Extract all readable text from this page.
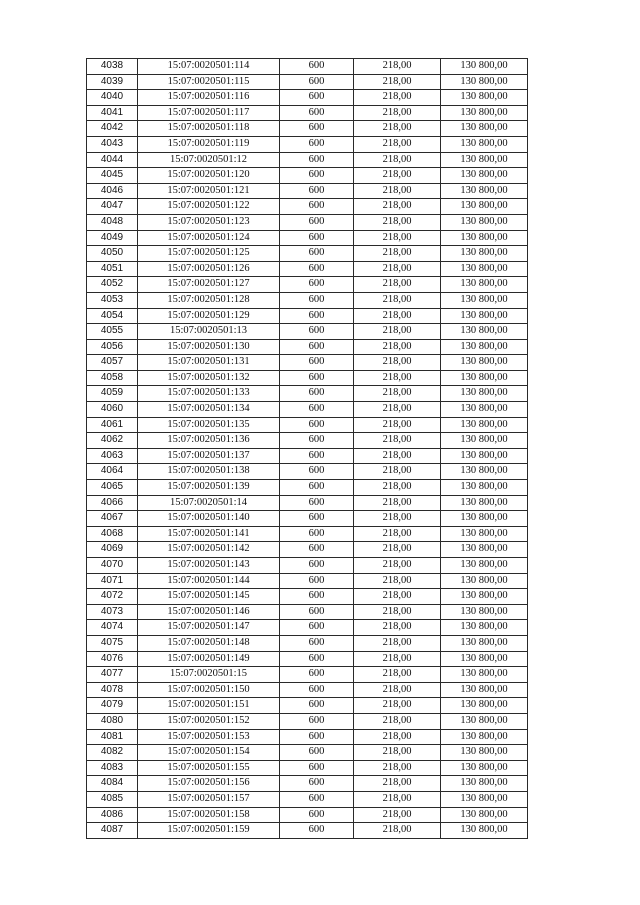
4038	15:07:0020501:114	600	218,00	130 800,00
4039	15:07:0020501:115	600	218,00	130 800,00
4040	15:07:0020501:116	600	218,00	130 800,00
4041	15:07:0020501:117	600	218,00	130 800,00
4042	15:07:0020501:118	600	218,00	130 800,00
4043	15:07:0020501:119	600	218,00	130 800,00
4044	15:07:0020501:12	600	218,00	130 800,00
4045	15:07:0020501:120	600	218,00	130 800,00
4046	15:07:0020501:121	600	218,00	130 800,00
4047	15:07:0020501:122	600	218,00	130 800,00
4048	15:07:0020501:123	600	218,00	130 800,00
4049	15:07:0020501:124	600	218,00	130 800,00
4050	15:07:0020501:125	600	218,00	130 800,00
4051	15:07:0020501:126	600	218,00	130 800,00
4052	15:07:0020501:127	600	218,00	130 800,00
4053	15:07:0020501:128	600	218,00	130 800,00
4054	15:07:0020501:129	600	218,00	130 800,00
4055	15:07:0020501:13	600	218,00	130 800,00
4056	15:07:0020501:130	600	218,00	130 800,00
4057	15:07:0020501:131	600	218,00	130 800,00
4058	15:07:0020501:132	600	218,00	130 800,00
4059	15:07:0020501:133	600	218,00	130 800,00
4060	15:07:0020501:134	600	218,00	130 800,00
4061	15:07:0020501:135	600	218,00	130 800,00
4062	15:07:0020501:136	600	218,00	130 800,00
4063	15:07:0020501:137	600	218,00	130 800,00
4064	15:07:0020501:138	600	218,00	130 800,00
4065	15:07:0020501:139	600	218,00	130 800,00
4066	15:07:0020501:14	600	218,00	130 800,00
4067	15:07:0020501:140	600	218,00	130 800,00
4068	15:07:0020501:141	600	218,00	130 800,00
4069	15:07:0020501:142	600	218,00	130 800,00
4070	15:07:0020501:143	600	218,00	130 800,00
4071	15:07:0020501:144	600	218,00	130 800,00
4072	15:07:0020501:145	600	218,00	130 800,00
4073	15:07:0020501:146	600	218,00	130 800,00
4074	15:07:0020501:147	600	218,00	130 800,00
4075	15:07:0020501:148	600	218,00	130 800,00
4076	15:07:0020501:149	600	218,00	130 800,00
4077	15:07:0020501:15	600	218,00	130 800,00
4078	15:07:0020501:150	600	218,00	130 800,00
4079	15:07:0020501:151	600	218,00	130 800,00
4080	15:07:0020501:152	600	218,00	130 800,00
4081	15:07:0020501:153	600	218,00	130 800,00
4082	15:07:0020501:154	600	218,00	130 800,00
4083	15:07:0020501:155	600	218,00	130 800,00
4084	15:07:0020501:156	600	218,00	130 800,00
4085	15:07:0020501:157	600	218,00	130 800,00
4086	15:07:0020501:158	600	218,00	130 800,00
4087	15:07:0020501:159	600	218,00	130 800,00
